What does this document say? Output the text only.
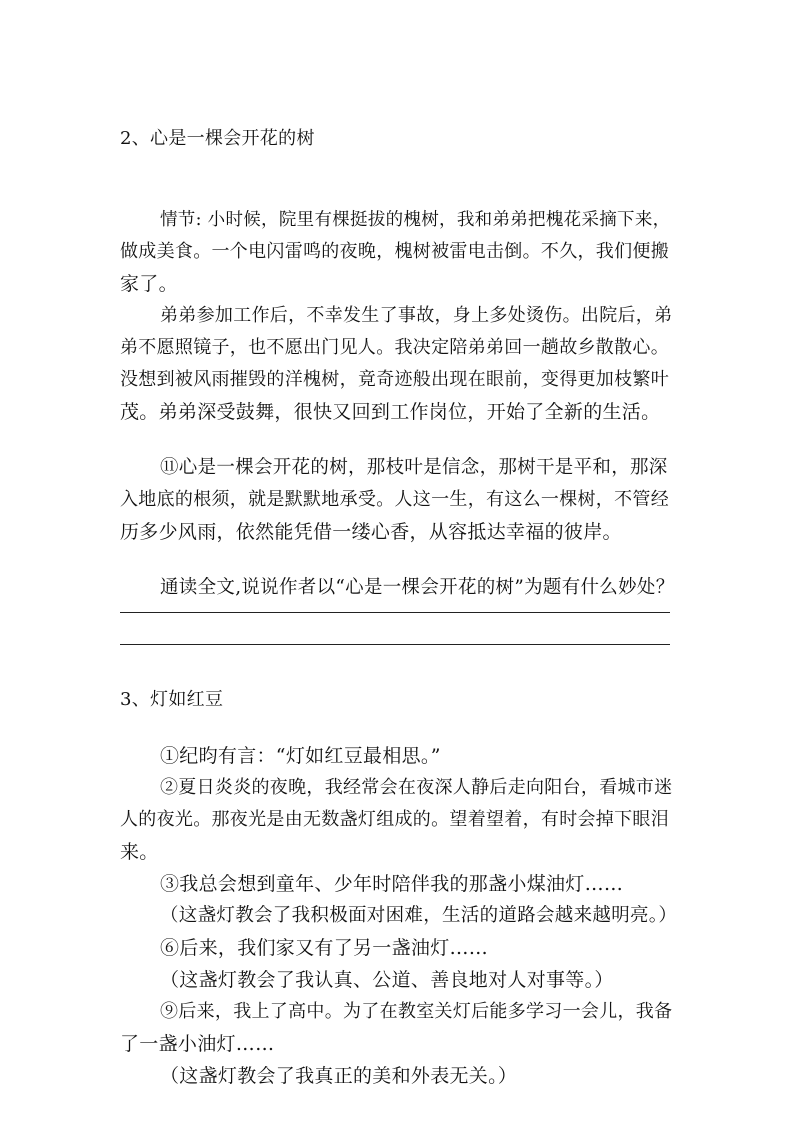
2、心是一棵会开花的树
情节: 小时候，院里有棵挺拔的槐树，我和弟弟把槐花采摘下来，
做成美食。一个电闪雷鸣的夜晚，槐树被雷电击倒。不久，我们便搬
家了。
弟弟参加工作后，不幸发生了事故，身上多处烫伤。出院后，弟
弟不愿照镜子，也不愿出门见人。我决定陪弟弟回一趟故乡散散心。
没想到被风雨摧毁的洋槐树，竟奇迹般出现在眼前，变得更加枝繁叶
茂。弟弟深受鼓舞，很快又回到工作岗位，开始了全新的生活。
⑪心是一棵会开花的树，那枝叶是信念，那树干是平和，那深
入地底的根须，就是默默地承受。人这一生，有这么一棵树，不管经
历多少风雨，依然能凭借一缕心香，从容抵达幸福的彼岸。
通读全文,说说作者以“心是一棵会开花的树”为题有什么妙处？
3、灯如红豆
①纪昀有言：“灯如红豆最相思。”
②夏日炎炎的夜晚，我经常会在夜深人静后走向阳台，看城市迷
人的夜光。那夜光是由无数盏灯组成的。望着望着，有时会掉下眼泪
来。
③我总会想到童年、少年时陪伴我的那盏小煤油灯……
（这盏灯教会了我积极面对困难，生活的道路会越来越明亮。）
⑥后来，我们家又有了另一盏油灯……
（这盏灯教会了我认真、公道、善良地对人对事等。）
⑨后来，我上了高中。为了在教室关灯后能多学习一会儿，我备
了一盏小油灯……
（这盏灯教会了我真正的美和外表无关。）
